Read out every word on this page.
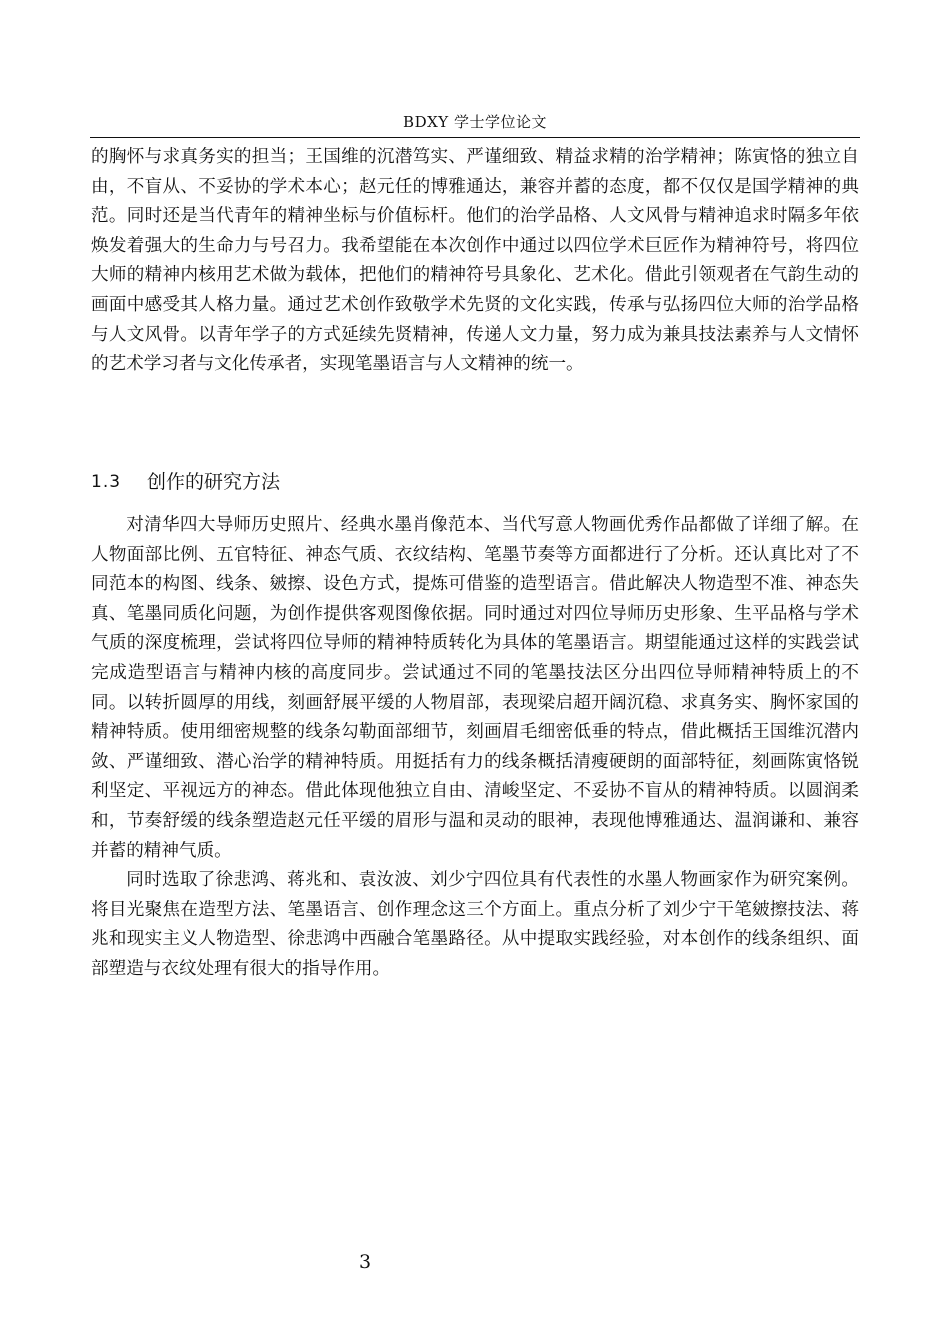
BDXY 学士学位论文

的胸怀与求真务实的担当；王国维的沉潜笃实、严谨细致、精益求精的治学精神；陈寅恪的独立自由，不盲从、不妥协的学术本心；赵元任的博雅通达，兼容并蓄的态度，都不仅仅是国学精神的典范。同时还是当代青年的精神坐标与价值标杆。他们的治学品格、人文风骨与精神追求时隔多年依焕发着强大的生命力与号召力。我希望能在本次创作中通过以四位学术巨匠作为精神符号，将四位大师的精神内核用艺术做为载体，把他们的精神符号具象化、艺术化。借此引领观者在气韵生动的画面中感受其人格力量。通过艺术创作致敬学术先贤的文化实践，传承与弘扬四位大师的治学品格与人文风骨。以青年学子的方式延续先贤精神，传递人文力量，努力成为兼具技法素养与人文情怀的艺术学习者与文化传承者，实现笔墨语言与人文精神的统一。

1.3	创作的研究方法

对清华四大导师历史照片、经典水墨肖像范本、当代写意人物画优秀作品都做了详细了解。在人物面部比例、五官特征、神态气质、衣纹结构、笔墨节奏等方面都进行了分析。还认真比对了不同范本的构图、线条、皴擦、设色方式，提炼可借鉴的造型语言。借此解决人物造型不准、神态失真、笔墨同质化问题，为创作提供客观图像依据。同时通过对四位导师历史形象、生平品格与学术气质的深度梳理，尝试将四位导师的精神特质转化为具体的笔墨语言。期望能通过这样的实践尝试完成造型语言与精神内核的高度同步。尝试通过不同的笔墨技法区分出四位导师精神特质上的不同。以转折圆厚的用线，刻画舒展平缓的人物眉部，表现梁启超开阔沉稳、求真务实、胸怀家国的精神特质。使用细密规整的线条勾勒面部细节，刻画眉毛细密低垂的特点，借此概括王国维沉潜内敛、严谨细致、潜心治学的精神特质。用挺括有力的线条概括清瘦硬朗的面部特征，刻画陈寅恪锐利坚定、平视远方的神态。借此体现他独立自由、清峻坚定、不妥协不盲从的精神特质。以圆润柔和，节奏舒缓的线条塑造赵元任平缓的眉形与温和灵动的眼神，表现他博雅通达、温润谦和、兼容并蓄的精神气质。

同时选取了徐悲鸿、蒋兆和、袁汝波、刘少宁四位具有代表性的水墨人物画家作为研究案例。将目光聚焦在造型方法、笔墨语言、创作理念这三个方面上。重点分析了刘少宁干笔皴擦技法、蒋兆和现实主义人物造型、徐悲鸿中西融合笔墨路径。从中提取实践经验，对本创作的线条组织、面部塑造与衣纹处理有很大的指导作用。

3
